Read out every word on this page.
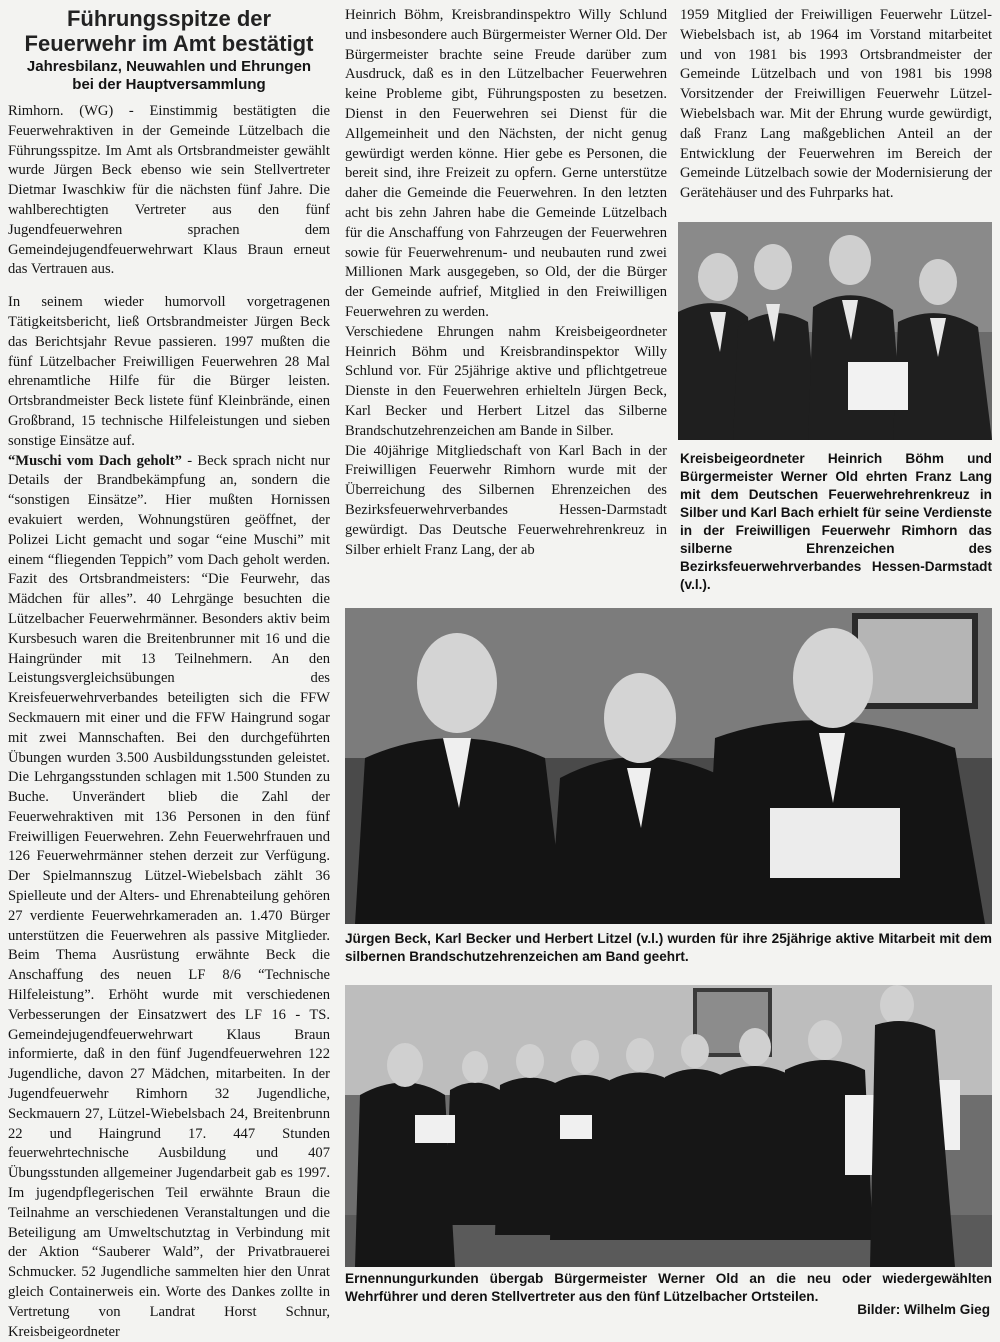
Führungsspitze der
Feuerwehr im Amt bestätigt
Jahresbilanz, Neuwahlen und Ehrungen
bei der Hauptversammlung

Rimhorn. (WG) - Einstimmig bestätigten die Feuerwehraktiven in der Gemeinde Lützelbach die Führungsspitze. Im Amt als Ortsbrandmeister gewählt wurde Jürgen Beck ebenso wie sein Stellvertreter Dietmar Iwaschkiw für die nächsten fünf Jahre. Die wahlberechtigten Vertreter aus den fünf Jugendfeuerwehren sprachen dem Gemeindejugendfeuerwehrwart Klaus Braun erneut das Vertrauen aus.

In seinem wieder humorvoll vorgetragenen Tätigkeitsbericht, ließ Ortsbrandmeister Jürgen Beck das Berichtsjahr Revue passieren. 1997 mußten die fünf Lützelbacher Freiwilligen Feuerwehren 28 Mal ehrenamtliche Hilfe für die Bürger leisten. Ortsbrandmeister Beck listete fünf Kleinbrände, einen Großbrand, 15 technische Hilfeleistungen und sieben sonstige Einsätze auf.

“Muschi vom Dach geholt” - Beck sprach nicht nur Details der Brandbekämpfung an, sondern die “sonstigen Einsätze”. Hier mußten Hornissen evakuiert werden, Wohnungstüren geöffnet, der Polizei Licht gemacht und sogar “eine Muschi” mit einem “fliegenden Teppich” vom Dach geholt werden. Fazit des Ortsbrandmeisters: “Die Feurwehr, das Mädchen für alles”. 40 Lehrgänge besuchten die Lützelbacher Feuerwehrmänner. Besonders aktiv beim Kursbesuch waren die Breitenbrunner mit 16 und die Haingründer mit 13 Teilnehmern. An den Leistungsvergleichsübungen des Kreisfeuerwehrverbandes beteiligten sich die FFW Seckmauern mit einer und die FFW Haingrund sogar mit zwei Mannschaften. Bei den durchgeführten Übungen wurden 3.500 Ausbildungsstunden geleistet. Die Lehrgangsstunden schlagen mit 1.500 Stunden zu Buche. Unverändert blieb die Zahl der Feuerwehraktiven mit 136 Personen in den fünf Freiwilligen Feuerwehren. Zehn Feuerwehrfrauen und 126 Feuerwehrmänner stehen derzeit zur Verfügung. Der Spielmannszug Lützel-Wiebelsbach zählt 36 Spielleute und der Alters- und Ehrenabteilung gehören 27 verdiente Feuerwehrkameraden an. 1.470 Bürger unterstützen die Feuerwehren als passive Mitglieder. Beim Thema Ausrüstung erwähnte Beck die Anschaffung des neuen LF 8/6 “Technische Hilfeleistung”. Erhöht wurde mit verschiedenen Verbesserungen der Einsatzwert des LF 16 - TS. Gemeindejugendfeuerwehrwart Klaus Braun informierte, daß in den fünf Jugendfeuerwehren 122 Jugendliche, davon 27 Mädchen, mitarbeiten. In der Jugendfeuerwehr Rimhorn 32 Jugendliche, Seckmauern 27, Lützel-Wiebelsbach 24, Breitenbrunn 22 und Haingrund 17. 447 Stunden feuerwehrtechnische Ausbildung und 407 Übungsstunden allgemeiner Jugendarbeit gab es 1997. Im jugendpflegerischen Teil erwähnte Braun die Teilnahme an verschiedenen Veranstaltungen und die Beteiligung am Umweltschutztag in Verbindung mit der Aktion “Sauberer Wald”, der Privatbrauerei Schmucker. 52 Jugendliche sammelten hier den Unrat gleich Containerweis ein. Worte des Dankes zollte in Vertretung von Landrat Horst Schnur, Kreisbeigeordneter

Heinrich Böhm, Kreisbrandinspektro Willy Schlund und insbesondere auch Bürgermeister Werner Old. Der Bürgermeister brachte seine Freude darüber zum Ausdruck, daß es in den Lützelbacher Feuerwehren keine Probleme gibt, Führungsposten zu besetzen. Dienst in den Feuerwehren sei Dienst für die Allgemeinheit und den Nächsten, der nicht genug gewürdigt werden könne. Hier gebe es Personen, die bereit sind, ihre Freizeit zu opfern. Gerne unterstütze daher die Gemeinde die Feuerwehren. In den letzten acht bis zehn Jahren habe die Gemeinde Lützelbach für die Anschaffung von Fahrzeugen der Feuerwehren sowie für Feuerwehrenum- und neubauten rund zwei Millionen Mark ausgegeben, so Old, der die Bürger der Gemeinde aufrief, Mitglied in den Freiwilligen Feuerwehren zu werden.

Verschiedene Ehrungen nahm Kreisbeigeordneter Heinrich Böhm und Kreisbrandinspektor Willy Schlund vor. Für 25jährige aktive und pflichtgetreue Dienste in den Feuerwehren erhielteln Jürgen Beck, Karl Becker und Herbert Litzel das Silberne Brandschutzehrenzeichen am Bande in Silber.

Die 40jährige Mitgliedschaft von Karl Bach in der Freiwilligen Feuerwehr Rimhorn wurde mit der Überreichung des Silbernen Ehrenzeichen des Bezirksfeuerwehrverbandes Hessen-Darmstadt gewürdigt. Das Deutsche Feuerwehrehrenkreuz in Silber erhielt Franz Lang, der ab

1959 Mitglied der Freiwilligen Feuerwehr Lützel-Wiebelsbach ist, ab 1964 im Vorstand mitarbeitet und von 1981 bis 1993 Ortsbrandmeister der Gemeinde Lützelbach und von 1981 bis 1998 Vorsitzender der Freiwilligen Feuerwehr Lützel-Wiebelsbach war. Mit der Ehrung wurde gewürdigt, daß Franz Lang maßgeblichen Anteil an der Entwicklung der Feuerwehren im Bereich der Gemeinde Lützelbach sowie der Modernisierung der Gerätehäuser und des Fuhrparks hat.

Kreisbeigeordneter Heinrich Böhm und Bürgermeister Werner Old ehrten Franz Lang mit dem Deutschen Feuerwehrehrenkreuz in Silber und Karl Bach erhielt für seine Verdienste in der Freiwilligen Feuerwehr Rimhorn das silberne Ehrenzeichen des Bezirksfeuerwehrverbandes Hessen-Darmstadt (v.l.).
Jürgen Beck, Karl Becker und Herbert Litzel (v.l.) wurden für ihre 25jährige aktive Mitarbeit mit dem silbernen Brandschutzehrenzeichen am Band geehrt.
Ernennungurkunden übergab Bürgermeister Werner Old an die neu oder wiedergewählten Wehrführer und deren Stellvertreter aus den fünf Lützelbacher Ortsteilen.
Bilder: Wilhelm Gieg
